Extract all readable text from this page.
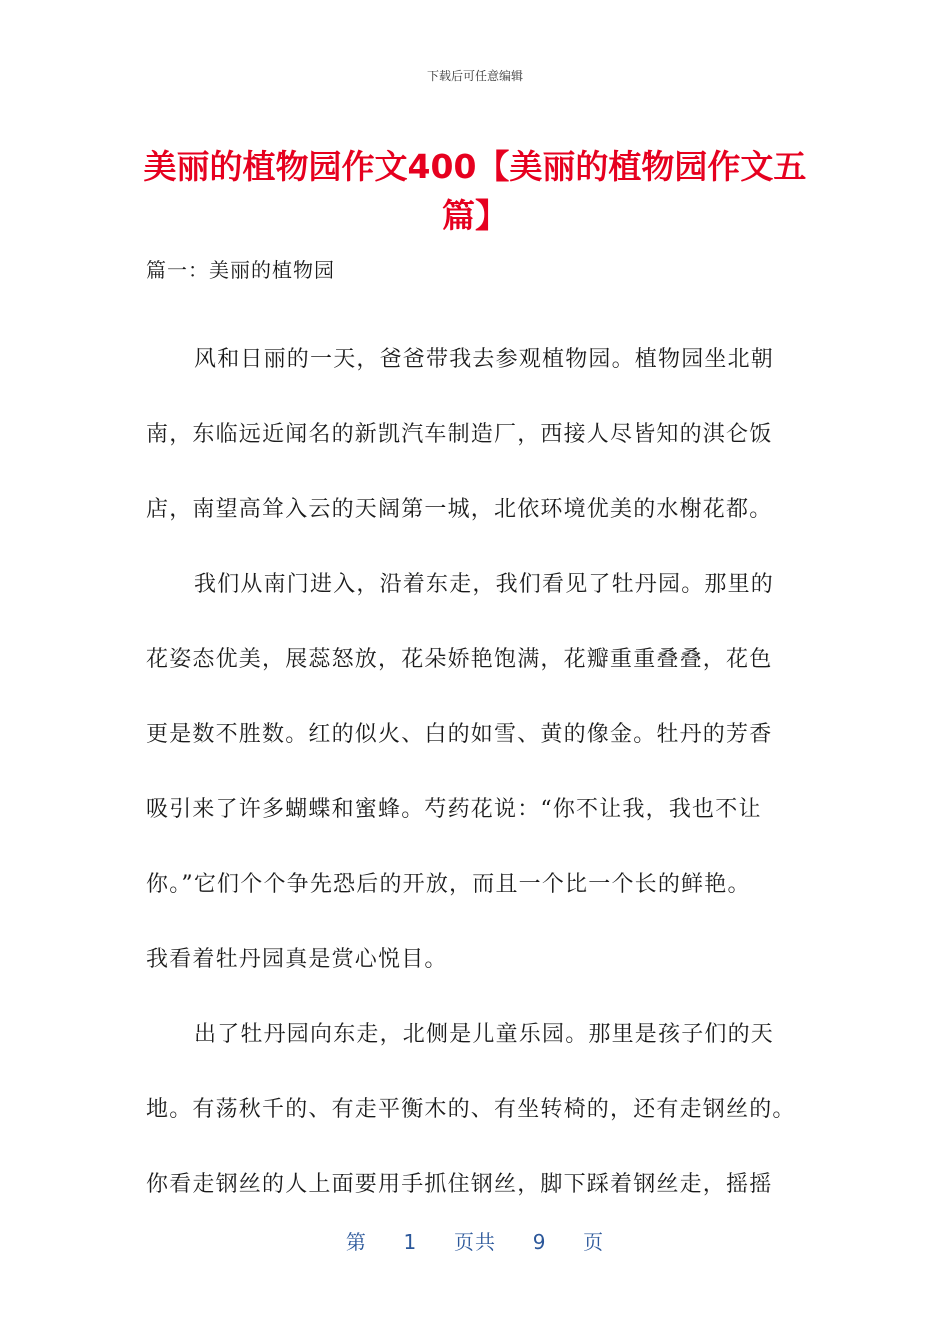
下载后可任意编辑
美丽的植物园作文400【美丽的植物园作文五篇】
篇一：美丽的植物园

风和日丽的一天，爸爸带我去参观植物园。植物园坐北朝
南，东临远近闻名的新凯汽车制造厂，西接人尽皆知的淇仑饭
店，南望高耸入云的天阔第一城，北依环境优美的水榭花都。

我们从南门进入，沿着东走，我们看见了牡丹园。那里的
花姿态优美，展蕊怒放，花朵娇艳饱满，花瓣重重叠叠，花色
更是数不胜数。红的似火、白的如雪、黄的像金。牡丹的芳香
吸引来了许多蝴蝶和蜜蜂。芍药花说：“你不让我，我也不让
你。”它们个个争先恐后的开放，而且一个比一个长的鲜艳。
我看着牡丹园真是赏心悦目。

出了牡丹园向东走，北侧是儿童乐园。那里是孩子们的天
地。有荡秋千的、有走平衡木的、有坐转椅的，还有走钢丝的。
你看走钢丝的人上面要用手抓住钢丝，脚下踩着钢丝走，摇摇

第 1 页共 9 页
